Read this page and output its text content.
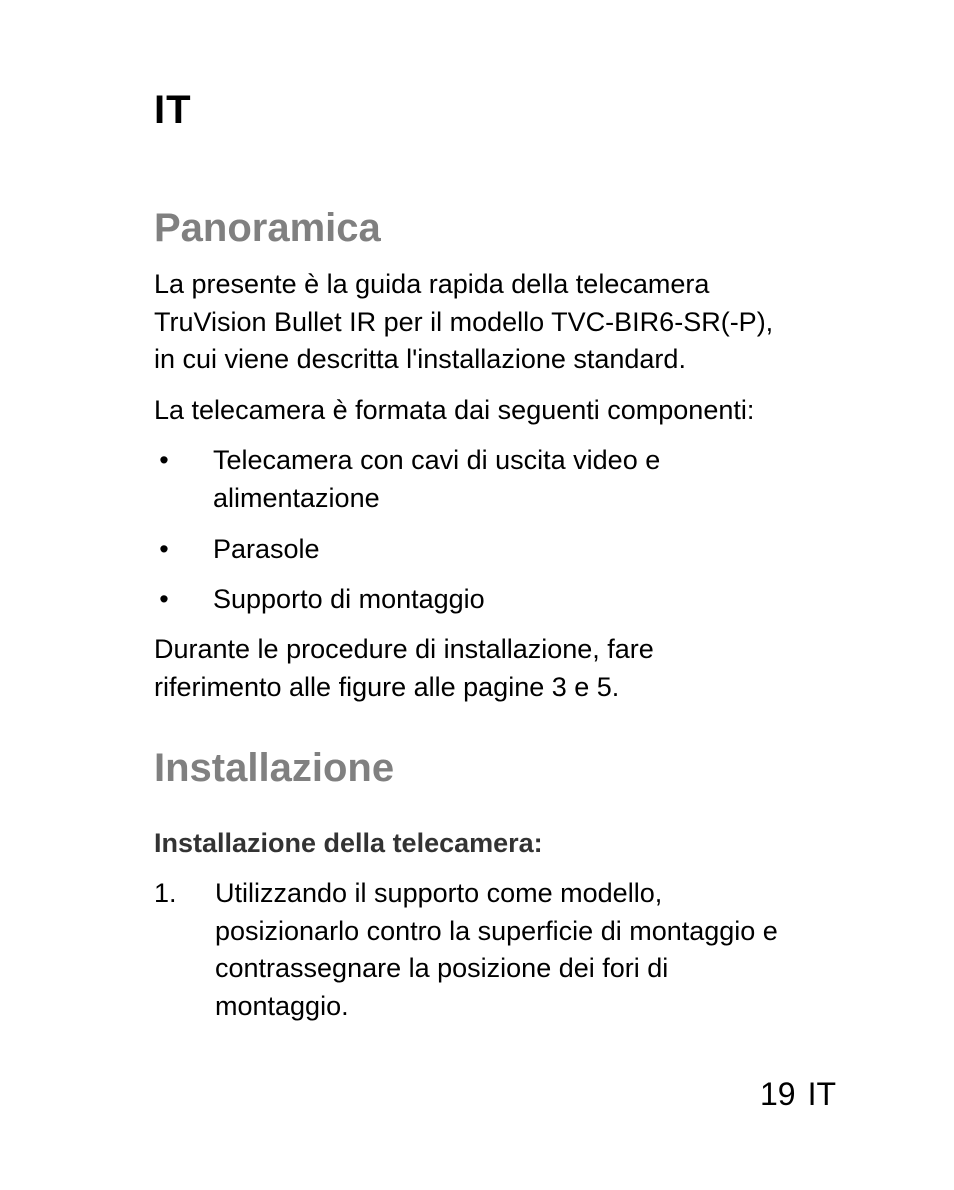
IT
Panoramica

La presente è la guida rapida della telecamera
TruVision Bullet IR per il modello TVC-BIR6-SR(-P),
in cui viene descritta l'installazione standard.

La telecamera è formata dai seguenti componenti:

• Telecamera con cavi di uscita video e
alimentazione
• Parasole
• Supporto di montaggio

Durante le procedure di installazione, fare
riferimento alle figure alle pagine 3 e 5.

Installazione

Installazione della telecamera:

1. Utilizzando il supporto come modello,
posizionarlo contro la superficie di montaggio e
contrassegnare la posizione dei fori di
montaggio.
19 IT
